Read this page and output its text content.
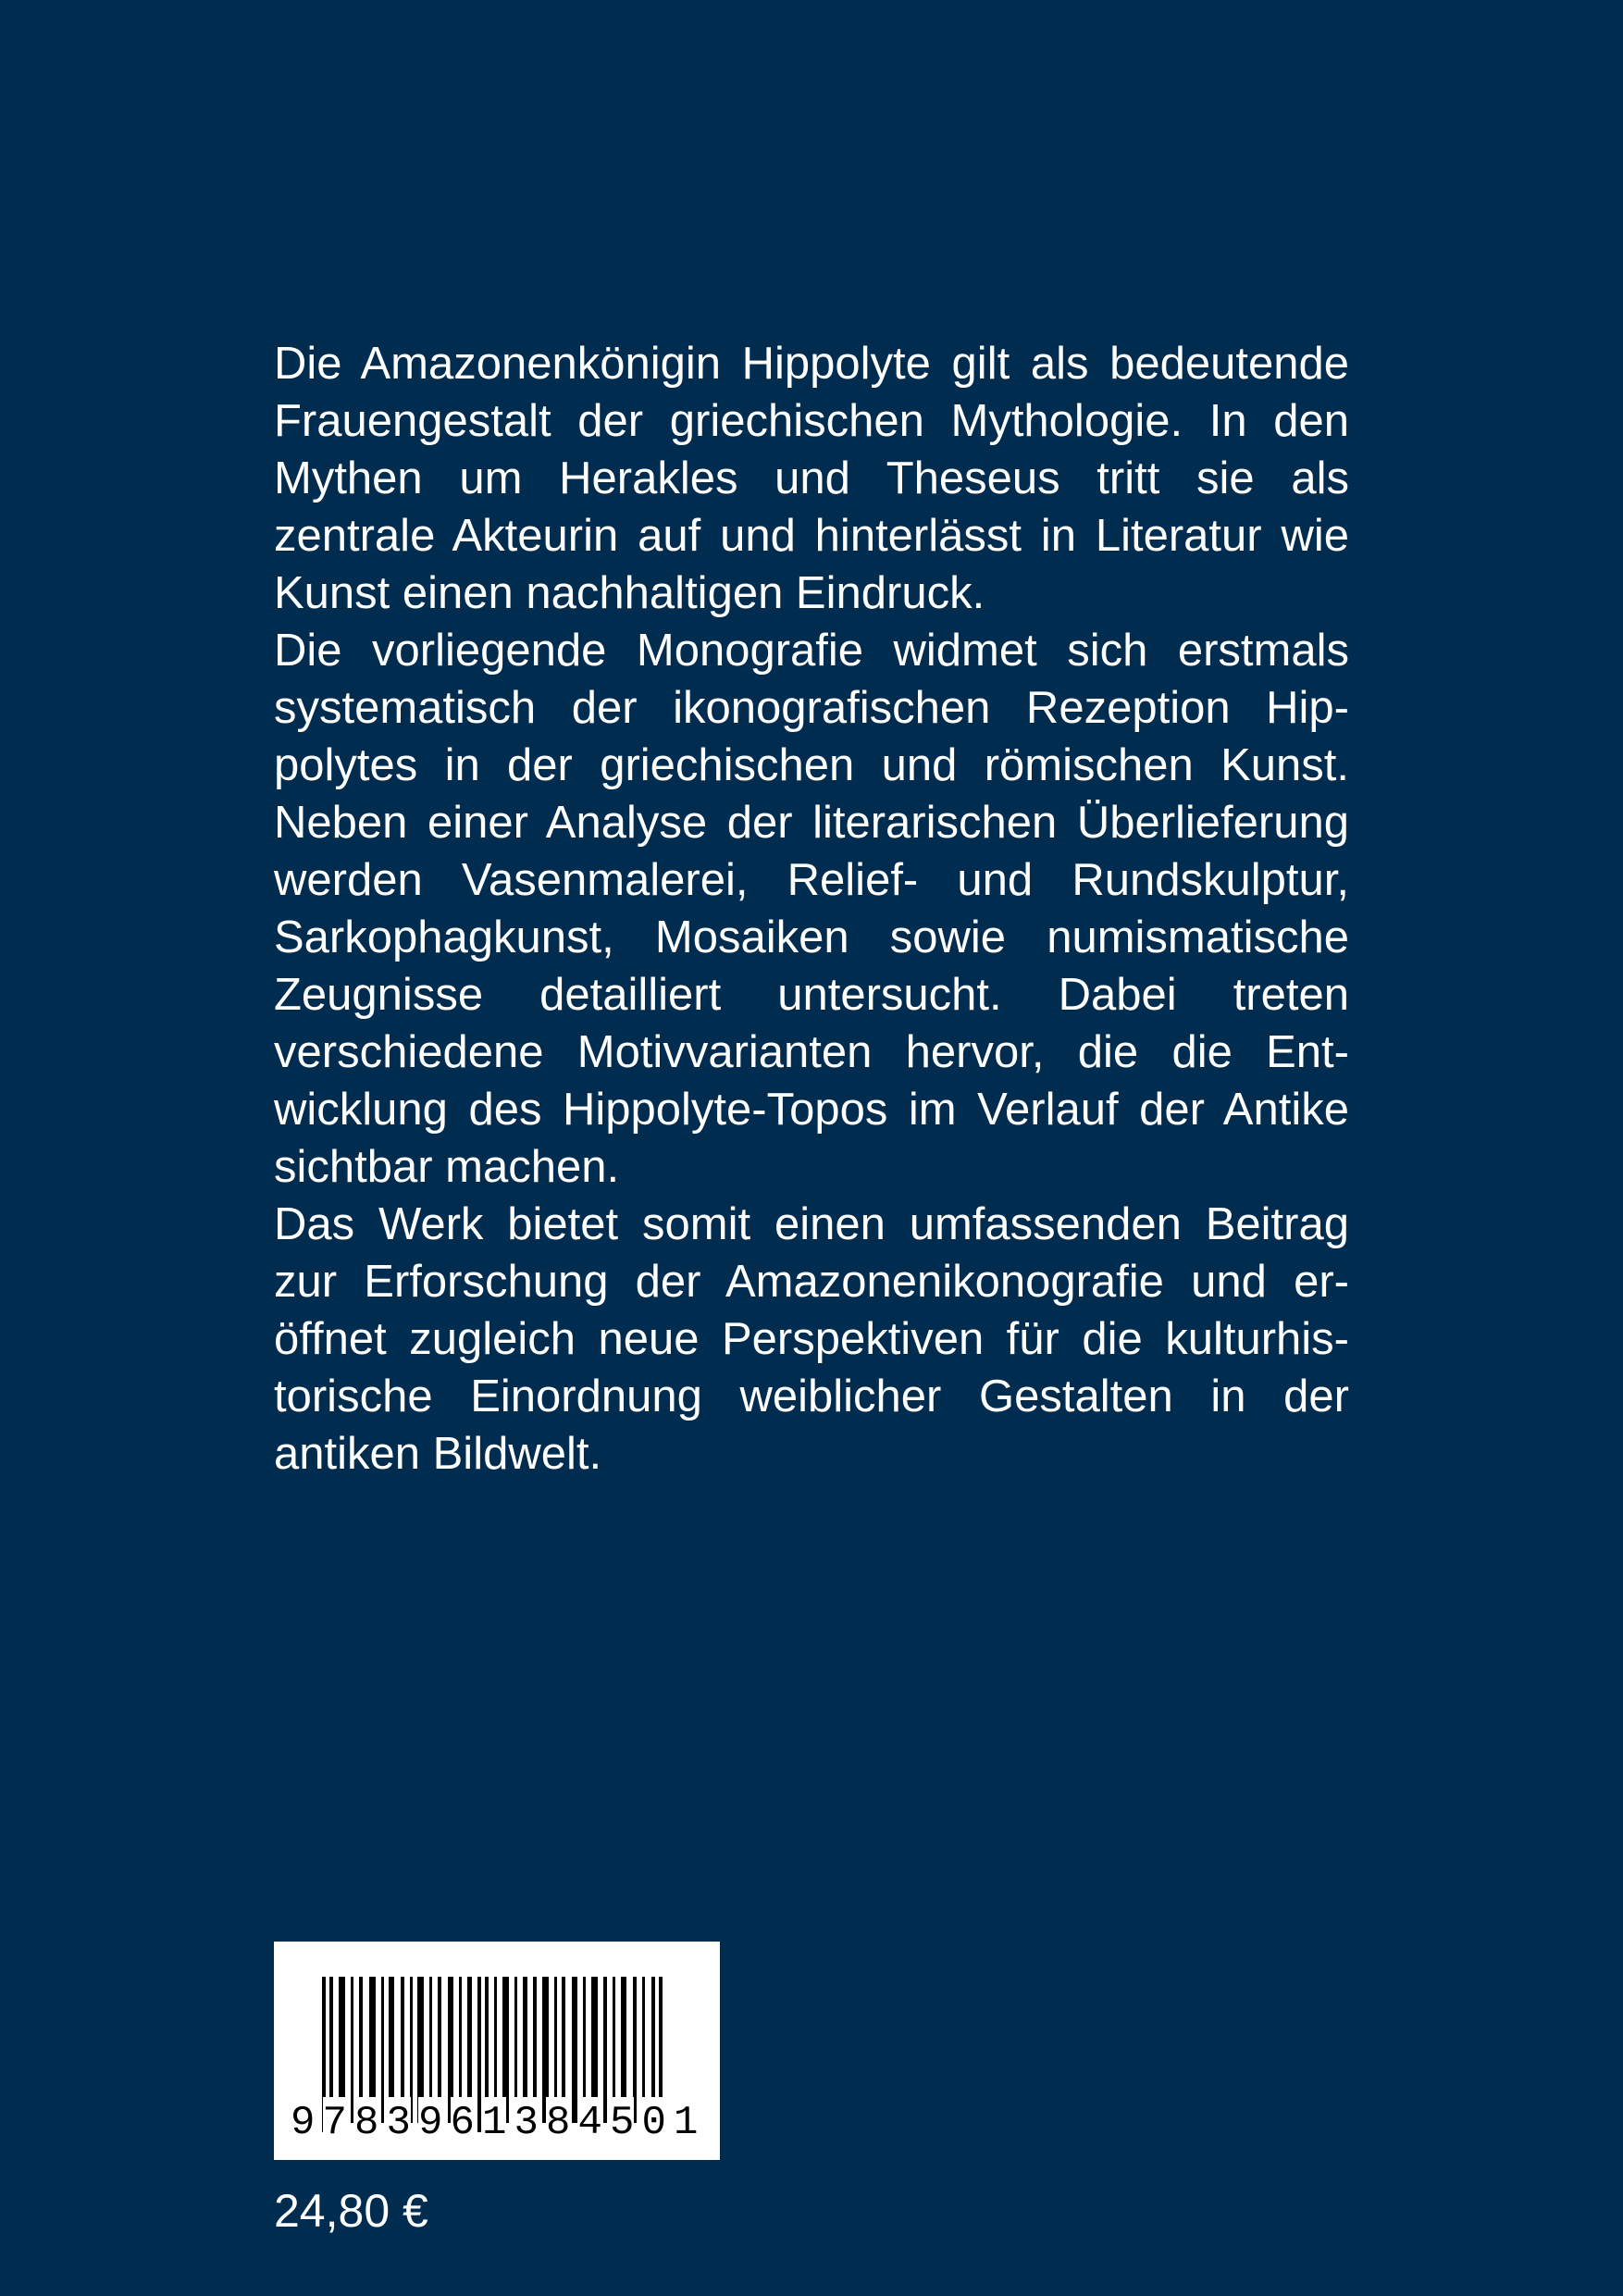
Die Amazonenkönigin Hippolyte gilt als bedeutende Frauengestalt der griechischen Mythologie. In den Mythen um Herakles und Theseus tritt sie als zentrale Akteurin auf und hinterlässt in Literatur wie Kunst einen nachhaltigen Eindruck.

Die vorliegende Monografie widmet sich erstmals systematisch der ikonografischen Rezeption Hippolytes in der griechischen und römischen Kunst. Neben einer Analyse der literarischen Überlieferung werden Vasenmalerei, Relief- und Rundskulptur, Sarkophagkunst, Mosaiken sowie numismatische Zeugnisse detailliert untersucht. Dabei treten verschiedene Motivvarianten hervor, die die Entwicklung des Hippolyte-Topos im Verlauf der Antike sichtbar machen.

Das Werk bietet somit einen umfassenden Beitrag zur Erforschung der Amazonenikonografie und eröffnet zugleich neue Perspektiven für die kulturhistorische Einordnung weiblicher Gestalten in der antiken Bildwelt.

9 7 8 3 9 6 1 3 8 4 5 0 1
24,80 €
